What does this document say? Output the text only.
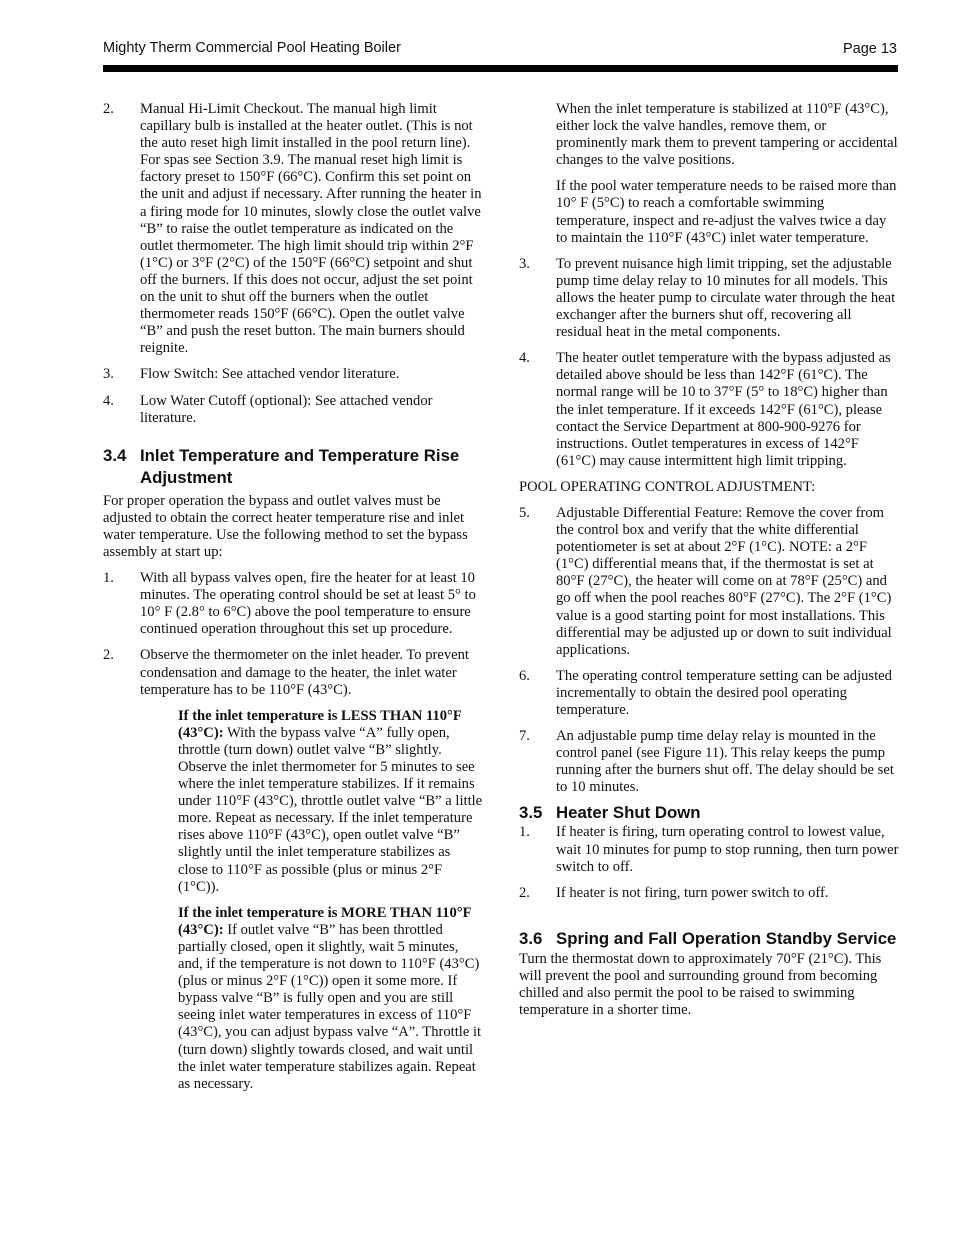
Mighty Therm Commercial Pool Heating Boiler	Page 13
2. Manual Hi-Limit Checkout. The manual high limit capillary bulb is installed at the heater outlet. (This is not the auto reset high limit installed in the pool return line). For spas see Section 3.9. The manual reset high limit is factory preset to 150°F (66°C). Confirm this set point on the unit and adjust if necessary. After running the heater in a firing mode for 10 minutes, slowly close the outlet valve “B” to raise the outlet temperature as indicated on the outlet thermometer. The high limit should trip within 2°F (1°C) or 3°F (2°C) of the 150°F (66°C) setpoint and shut off the burners. If this does not occur, adjust the set point on the unit to shut off the burners when the outlet thermometer reads 150°F (66°C). Open the outlet valve “B” and push the reset button. The main burners should reignite.

3. Flow Switch: See attached vendor literature.

4. Low Water Cutoff (optional): See attached vendor literature.

3.4 Inlet Temperature and Temperature Rise Adjustment

For proper operation the bypass and outlet valves must be adjusted to obtain the correct heater temperature rise and inlet water temperature. Use the following method to set the bypass assembly at start up:

1. With all bypass valves open, fire the heater for at least 10 minutes. The operating control should be set at least 5° to 10° F (2.8° to 6°C) above the pool temperature to ensure continued operation throughout this set up procedure.

2. Observe the thermometer on the inlet header. To prevent condensation and damage to the heater, the inlet water temperature has to be 110°F (43°C).

If the inlet temperature is LESS THAN 110°F (43°C): With the bypass valve “A” fully open, throttle (turn down) outlet valve “B” slightly. Observe the inlet thermometer for 5 minutes to see where the inlet temperature stabilizes. If it remains under 110°F (43°C), throttle outlet valve “B” a little more. Repeat as necessary. If the inlet temperature rises above 110°F (43°C), open outlet valve “B” slightly until the inlet temperature stabilizes as close to 110°F as possible (plus or minus 2°F (1°C)).

If the inlet temperature is MORE THAN 110°F (43°C): If outlet valve “B” has been throttled partially closed, open it slightly, wait 5 minutes, and, if the temperature is not down to 110°F (43°C) (plus or minus 2°F (1°C)) open it some more. If bypass valve “B” is fully open and you are still seeing inlet water temperatures in excess of 110°F (43°C), you can adjust bypass valve “A”. Throttle it (turn down) slightly towards closed, and wait until the inlet water temperature stabilizes again. Repeat as necessary.

When the inlet temperature is stabilized at 110°F (43°C), either lock the valve handles, remove them, or prominently mark them to prevent tampering or accidental changes to the valve positions.

If the pool water temperature needs to be raised more than 10° F (5°C) to reach a comfortable swimming temperature, inspect and re-adjust the valves twice a day to maintain the 110°F (43°C) inlet water temperature.

3. To prevent nuisance high limit tripping, set the adjustable pump time delay relay to 10 minutes for all models. This allows the heater pump to circulate water through the heat exchanger after the burners shut off, recovering all residual heat in the metal components.

4. The heater outlet temperature with the bypass adjusted as detailed above should be less than 142°F (61°C). The normal range will be 10 to 37°F (5° to 18°C) higher than the inlet temperature. If it exceeds 142°F (61°C), please contact the Service Department at 800-900-9276 for instructions. Outlet temperatures in excess of 142°F (61°C) may cause intermittent high limit tripping.

POOL OPERATING CONTROL ADJUSTMENT:

5. Adjustable Differential Feature: Remove the cover from the control box and verify that the white differential potentiometer is set at about 2°F (1°C). NOTE: a 2°F (1°C) differential means that, if the thermostat is set at 80°F (27°C), the heater will come on at 78°F (25°C) and go off when the pool reaches 80°F (27°C). The 2°F (1°C) value is a good starting point for most installations. This differential may be adjusted up or down to suit individual applications.

6. The operating control temperature setting can be adjusted incrementally to obtain the desired pool operating temperature.

7. An adjustable pump time delay relay is mounted in the control panel (see Figure 11). This relay keeps the pump running after the burners shut off. The delay should be set to 10 minutes.

3.5 Heater Shut Down
1. If heater is firing, turn operating control to lowest value, wait 10 minutes for pump to stop running, then turn power switch to off.

2. If heater is not firing, turn power switch to off.

3.6 Spring and Fall Operation Standby Service

Turn the thermostat down to approximately 70°F (21°C). This will prevent the pool and surrounding ground from becoming chilled and also permit the pool to be raised to swimming temperature in a shorter time.
